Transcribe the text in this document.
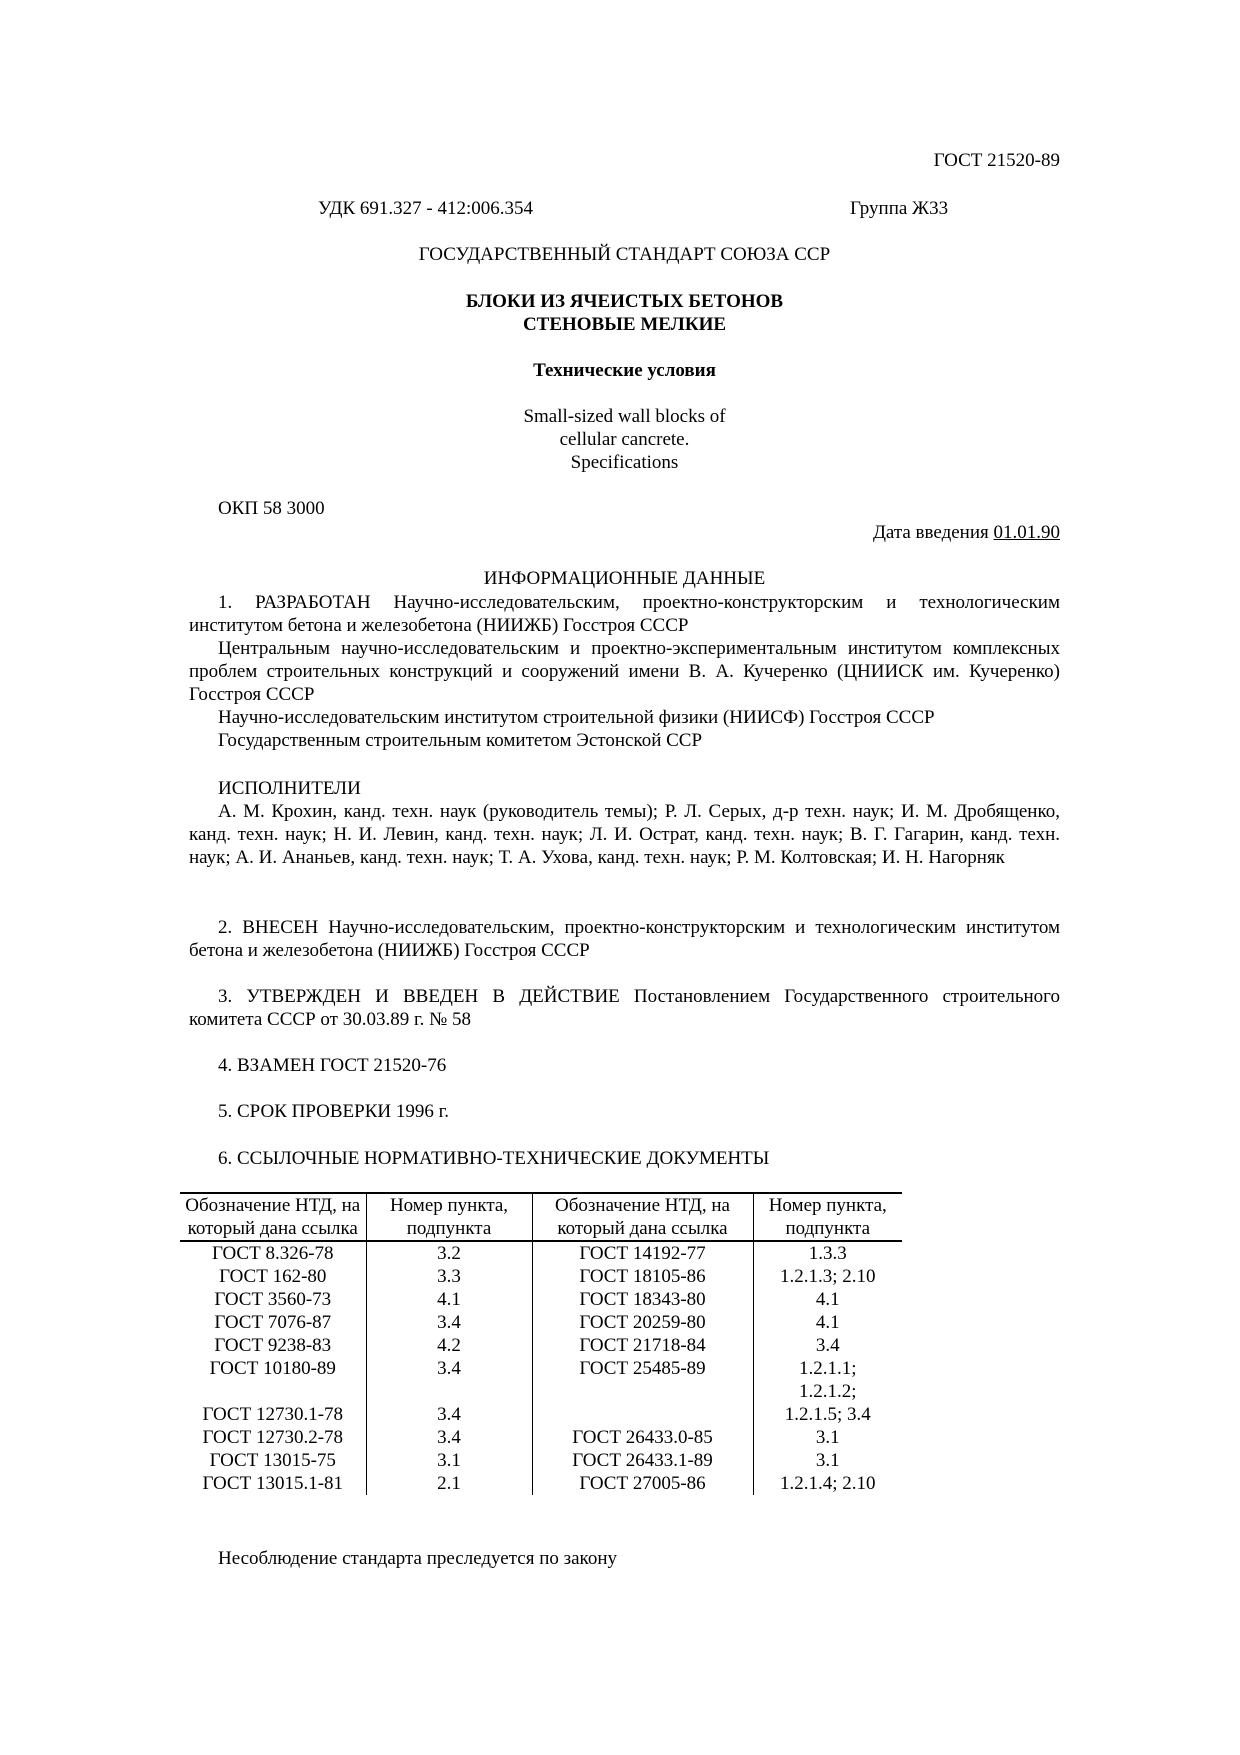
ГОСТ 21520-89
УДК 691.327 - 412:006.354	Группа Ж33
ГОСУДАРСТВЕННЫЙ СТАНДАРТ СОЮЗА ССР
БЛОКИ ИЗ ЯЧЕИСТЫХ БЕТОНОВ
СТЕНОВЫЕ МЕЛКИЕ
Технические условия
Small-sized wall blocks of
cellular cancrete.
Specifications
ОКП 58 3000
Дата введения 01.01.90
ИНФОРМАЦИОННЫЕ ДАННЫЕ
1. РАЗРАБОТАН Научно-исследовательским, проектно-конструкторским и технологическим институтом бетона и железобетона (НИИЖБ) Госстроя СССР
Центральным научно-исследовательским и проектно-экспериментальным институтом комплексных проблем строительных конструкций и сооружений имени В. А. Кучеренко (ЦНИИСК им. Кучеренко) Госстроя СССР
Научно-исследовательским институтом строительной физики (НИИСФ) Госстроя СССР
Государственным строительным комитетом Эстонской ССР
ИСПОЛНИТЕЛИ
А. М. Крохин, канд. техн. наук (руководитель темы); Р. Л. Серых, д-р техн. наук; И. М. Дробященко, канд. техн. наук; Н. И. Левин, канд. техн. наук; Л. И. Острат, канд. техн. наук; В. Г. Гагарин, канд. техн. наук; А. И. Ананьев, канд. техн. наук; Т. А. Ухова, канд. техн. наук; Р. М. Колтовская; И. Н. Нагорняк
2. ВНЕСЕН Научно-исследовательским, проектно-конструкторским и технологическим институтом бетона и железобетона (НИИЖБ) Госстроя СССР
3. УТВЕРЖДЕН И ВВЕДЕН В ДЕЙСТВИЕ Постановлением Государственного строительного комитета СССР от 30.03.89 г. № 58
4. ВЗАМЕН ГОСТ 21520-76
5. СРОК ПРОВЕРКИ 1996 г.
6. ССЫЛОЧНЫЕ НОРМАТИВНО-ТЕХНИЧЕСКИЕ ДОКУМЕНТЫ
Обозначение НТД, на который дана ссылка	Номер пункта, подпункта	Обозначение НТД, на который дана ссылка	Номер пункта, подпункта
ГОСТ 8.326-78	3.2	ГОСТ 14192-77	1.3.3
ГОСТ 162-80	3.3	ГОСТ 18105-86	1.2.1.3; 2.10
ГОСТ 3560-73	4.1	ГОСТ 18343-80	4.1
ГОСТ 7076-87	3.4	ГОСТ 20259-80	4.1
ГОСТ 9238-83	4.2	ГОСТ 21718-84	3.4
ГОСТ 10180-89	3.4	ГОСТ 25485-89	1.2.1.1;
			1.2.1.2;
ГОСТ 12730.1-78	3.4		1.2.1.5; 3.4
ГОСТ 12730.2-78	3.4	ГОСТ 26433.0-85	3.1
ГОСТ 13015-75	3.1	ГОСТ 26433.1-89	3.1
ГОСТ 13015.1-81	2.1	ГОСТ 27005-86	1.2.1.4; 2.10
Несоблюдение стандарта преследуется по закону
